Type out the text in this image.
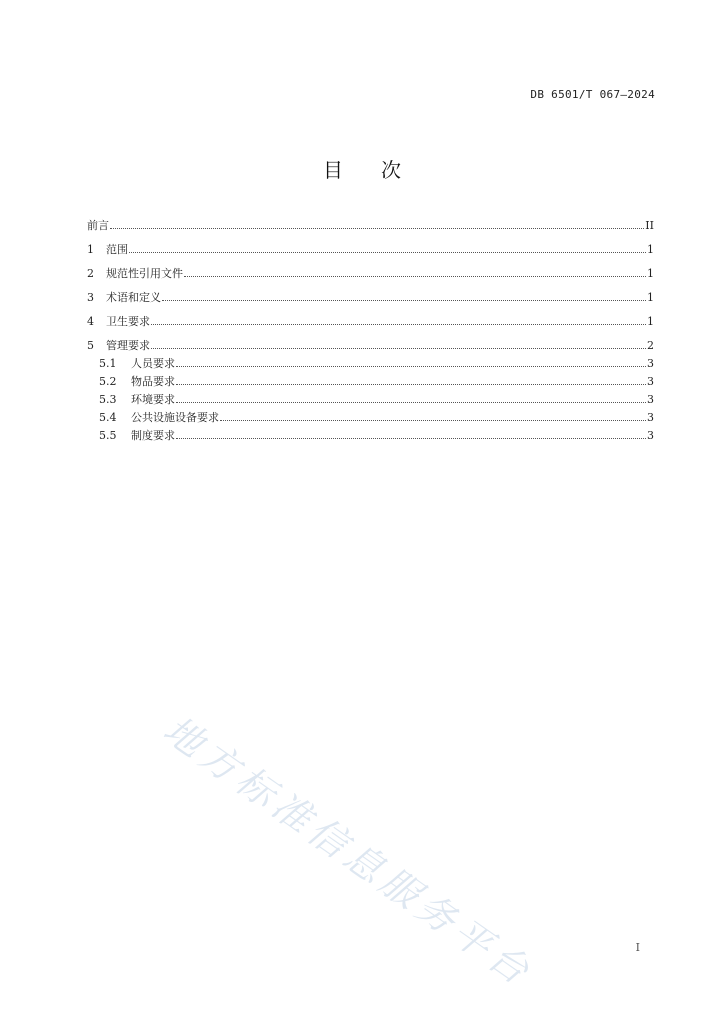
DB 6501/T 067—2024
目 次
前言	II
1	范围	1
2	规范性引用文件	1
3	术语和定义	1
4	卫生要求	1
5	管理要求	2
5.1	人员要求	3
5.2	物品要求	3
5.3	环境要求	3
5.4	公共设施设备要求	3
5.5	制度要求	3
地方标准信息服务平台	I
